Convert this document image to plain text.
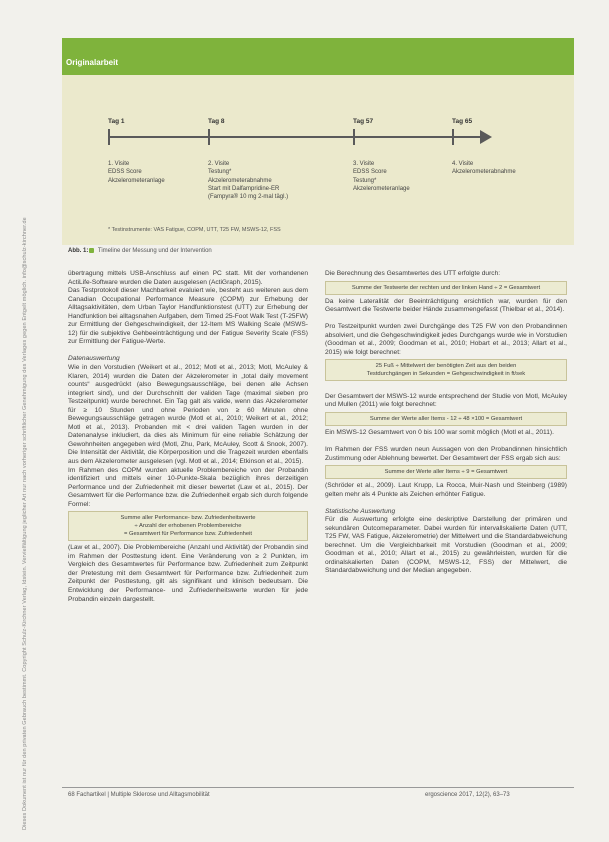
Dieses Dokument ist nur für den privaten Gebrauch bestimmt. Copyright Schulz-Kirchner Verlag, Idstein. Vervielfältigung jeglicher Art nur nach vorheriger schriftlicher Genehmigung des Verlages gegen Entgelt möglich. info@schulz-kirchner.de
Originalarbeit
Tag 1	Tag 8	Tag 57	Tag 65
1. Visite
EDSS Score
Akzelerometeranlage
2. Visite
Testung*
Akzelerometerabnahme
Start mit Dalfampridine-ER
(Fampyra® 10 mg 2-mal tägl.)
3. Visite
EDSS Score
Testung*
Akzelerometeranlage
4. Visite
Akzelerometerabnahme
* Testinstrumente: VAS Fatigue, COPM, UTT, T25 FW, MSWS-12, FSS
Abb. 1: Timeline der Messung und der Intervention

übertragung mittels USB-Anschluss auf einen PC statt. Mit der vorhandenen ActiLife-Software wurden die Daten ausgelesen (ActiGraph, 2015).

Das Testprotokoll dieser Machbarkeit evaluiert wie, besteht aus weiteren aus dem Canadian Occupational Performance Measure (COPM) zur Erhebung der Alltagsaktivitäten, dem Urban Taylor Handfunktionstest (UTT) zur Erhebung der Handfunktion bei alltagsnahen Aufgaben, dem Timed 25-Foot Walk Test (T-25FW) zur Ermittlung der Gehgeschwindigkeit, der 12-Item MS Walking Scale (MSWS-12) für die subjektive Gehbeeinträchtigung und der Fatigue Severity Scale (FSS) zur Ermittlung der Fatigue-Werte.

Datenauswertung

Wie in den Vorstudien (Weikert et al., 2012; Motl et al., 2013; Motl, McAuley & Klaren, 2014) wurden die Daten der Akzelerometer in „total daily movement counts“ ausgedrückt (also Bewegungsausschläge, bei denen alle Achsen integriert sind), und der Durchschnitt der validen Tage (maximal sieben pro Testzeitpunkt) wurde berechnet. Ein Tag galt als valide, wenn das Akzelerometer für ≥ 10 Stunden und ohne Perioden von ≥ 60 Minuten ohne Bewegungsausschläge getragen wurde (Motl et al., 2010; Weikert et al., 2012; Motl et al., 2013). Probanden mit < drei validen Tagen wurden in der Datenanalyse inkludiert, da dies als Minimum für eine reliable Schätzung der Gewohnheiten angegeben wird (Motl, Zhu, Park, McAuley, Scott & Snook, 2007). Die Intensität der Aktivität, die Körperposition und die Tragezeit wurden ebenfalls aus dem Akzelerometer ausgelesen (vgl. Motl et al., 2014; Etkinson et al., 2015).

Im Rahmen des COPM wurden aktuelle Problembereiche von der Probandin identifiziert und mittels einer 10-Punkte-Skala bezüglich ihres derzeitigen Performance und der Zufriedenheit mit dieser bewertet (Law et al., 2015). Der Gesamtwert für die Performance bzw. die Zufriedenheit ergab sich durch folgende Formel:

Summe aller Performance- bzw. Zufriedenheitswerte
÷ Anzahl der erhobenen Problembereiche
= Gesamtwert für Performance bzw. Zufriedenheit

(Law et al., 2007). Die Problembereiche (Anzahl und Aktivität) der Probandin sind im Rahmen der Posttestung ident. Eine Veränderung von ≥ 2 Punkten, im Vergleich des Gesamtwertes für Performance bzw. Zufriedenheit zum Zeitpunkt der Pretestung mit dem Gesamtwert für Performance bzw. Zufriedenheit zum Zeitpunkt der Posttestung, gilt als signifikant und klinisch bedeutsam. Die Entwicklung der Performance- und Zufriedenheitswerte wurden für jede Probandin einzeln dargestellt.

Die Berechnung des Gesamtwertes des UTT erfolgte durch:

Summe der Testwerte der rechten und der linken Hand ÷ 2 = Gesamtwert

Da keine Lateralität der Beeinträchtigung ersichtlich war, wurden für den Gesamtwert die Testwerte beider Hände zusammengefasst (Thielbar et al., 2014).

Pro Testzeitpunkt wurden zwei Durchgänge des T25 FW von den Probandinnen absolviert, und die Gehgeschwindigkeit jedes Durchgangs wurde wie in Vorstudien (Goodman et al., 2009; Goodman et al., 2010; Hobart et al., 2013; Allart et al., 2015) wie folgt berechnet:

25 Fuß ÷ Mittelwert der benötigten Zeit aus den beiden
Testdurchgängen in Sekunden = Gehgeschwindigkeit in ft/sek

Der Gesamtwert der MSWS-12 wurde entsprechend der Studie von Motl, McAuley und Mullen (2011) wie folgt berechnet:

Summe der Werte aller Items - 12 ÷ 48 ×100 = Gesamtwert

Ein MSWS-12 Gesamtwert von 0 bis 100 war somit möglich (Motl et al., 2011).

Im Rahmen der FSS wurden neun Aussagen von den Probandinnen hinsichtlich Zustimmung oder Ablehnung bewertet. Der Gesamtwert der FSS ergab sich aus:

Summe der Werte aller Items ÷ 9 = Gesamtwert

(Schröder et al., 2009). Laut Krupp, La Rocca, Muir-Nash und Steinberg (1989) gelten mehr als 4 Punkte als Zeichen erhöhter Fatigue.

Statistische Auswertung

Für die Auswertung erfolgte eine deskriptive Darstellung der primären und sekundären Outcomeparameter. Dabei wurden für intervallskalierte Daten (UTT, T25 FW, VAS Fatigue, Akzelerometrie) der Mittelwert und die Standardabweichung berechnet. Um die Vergleichbarkeit mit Vorstudien (Goodman et al., 2009; Goodman et al., 2010; Allart et al., 2015) zu gewährleisten, wurden für die ordinalskalierten Daten (COPM, MSWS-12, FSS) der Mittelwert, die Standardabweichung und der Median angegeben.

68 Fachartikel | Multiple Sklerose und Alltagsmobilität	ergoscience 2017, 12(2), 63–73
